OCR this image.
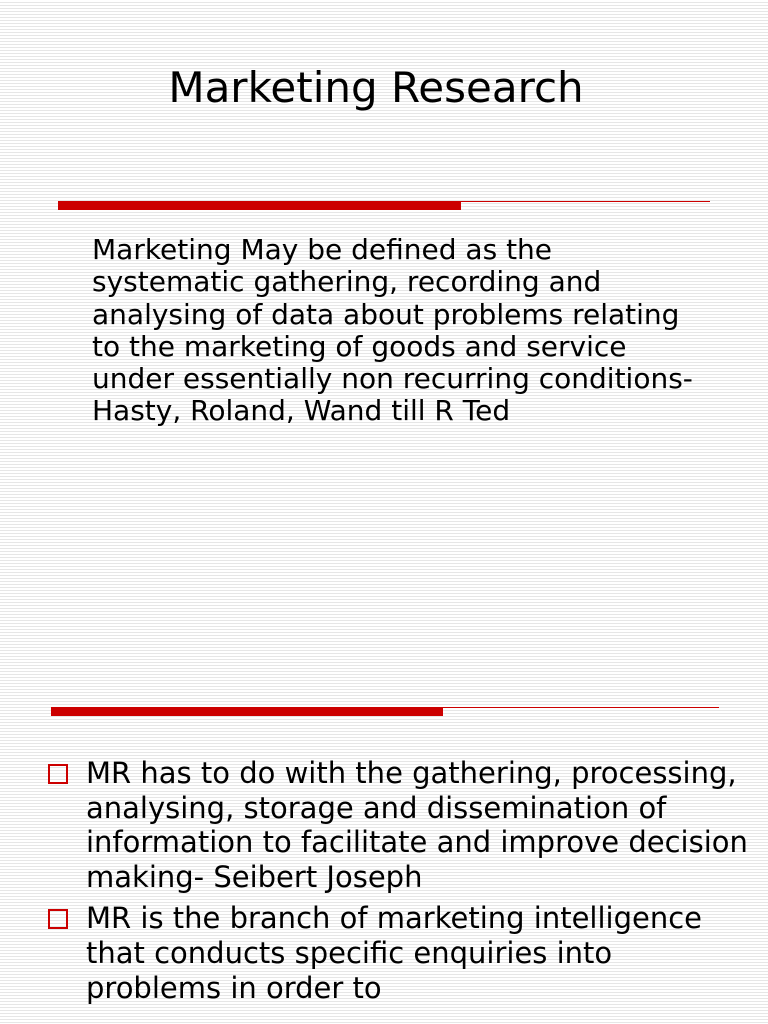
Marketing Research

Marketing May be defined as the systematic gathering, recording and analysing of data about problems relating to the marketing of goods and service under essentially non recurring conditions- Hasty, Roland, Wand till R Ted

MR has to do with the gathering, processing, analysing, storage and dissemination of information to facilitate and improve decision making- Seibert Joseph
MR is the branch of marketing intelligence that conducts specific enquiries into problems in order to
